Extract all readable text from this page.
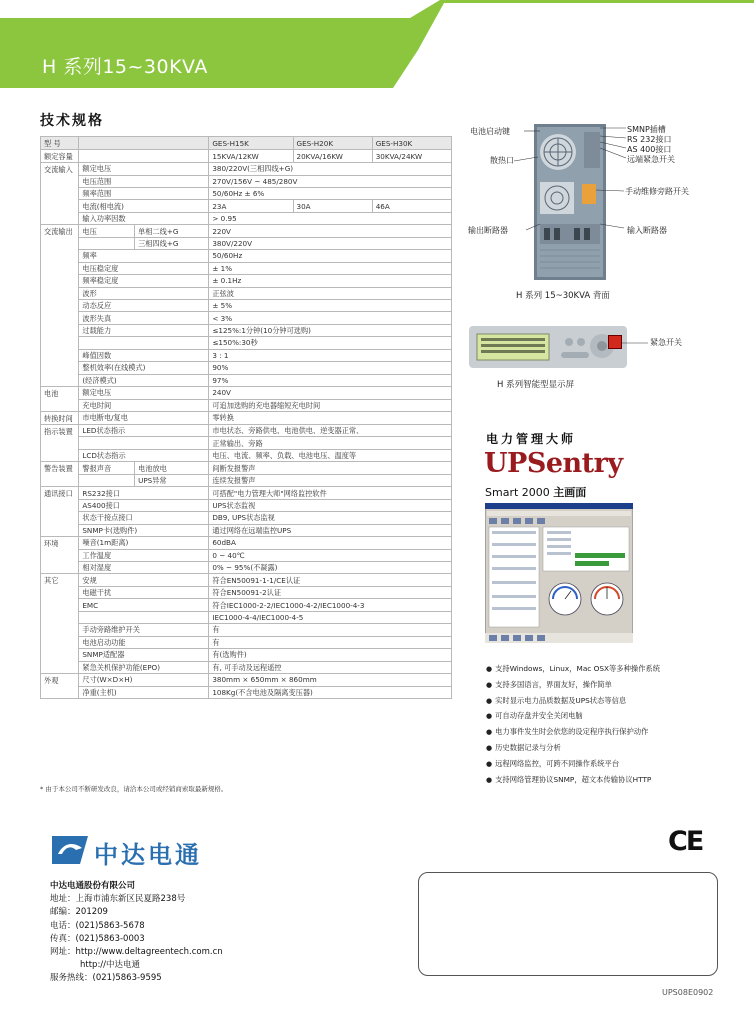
H 系列15~30KVA
技术规格
型 号			GES-H15K	GES-H20K	GES-H30K
额定容量			15KVA/12KW	20KVA/16KW	30KVA/24KW
交流输入	额定电压		380/220V(三相四线+G)		
	电压范围		270V/156V ~ 485/280V		
	频率范围		50/60Hz ± 6%		
	电流(相电流)		23A	30A	46A
	输入功率因数		> 0.95		
交流输出	电压	单相二线+G	220V		
		三相四线+G	380V/220V		
	频率		50/60Hz		
	电压稳定度		± 1%		
	频率稳定度		± 0.1Hz		
	波形		正弦波		
	动态反应		± 5%		
	波形失真		< 3%		
	过载能力		≤125%:1分钟(10分钟可选购)		
			≤150%:30秒		
	峰值因数		3 : 1		
	整机效率(在线模式)		90%		
	(经济模式)		97%		
电池	额定电压		240V		
	充电时间		可追加选购的充电器缩短充电时间		
转换时间	市电断电/复电		零转换		
指示装置	LED状态指示		市电状态、旁路供电、电池供电、逆变器正常、		
			正常输出、旁路		
	LCD状态指示		电压、电流、频率、负载、电池电压、温度等		
警告装置	警报声音	电池放电	间断发报警声		
		UPS异常	连续发报警声		
通讯接口	RS232接口		可搭配"电力管理大师"网络监控软件		
	AS400接口		UPS状态监视		
	状态干接点接口		DB9, UPS状态监视		
	SNMP卡(选购件)		通过网络在远端监控UPS		
环境	噪音(1m距离)		60dBA		
	工作温度		0 ~ 40℃		
	相对湿度		0% ~ 95%(不凝露)		
其它	安规		符合EN50091-1-1/CE认证		
	电磁干扰		符合EN50091-2认证		
	EMC		符合IEC1000-2-2/IEC1000-4-2/IEC1000-4-3		
			IEC1000-4-4/IEC1000-4-5		
	手动旁路维护开关		有		
	电池启动功能		有		
	SNMP适配器		有(选购件)		
	紧急关机保护功能(EPO)		有, 可手动及远程遥控		
外观	尺寸(W×D×H)		380mm × 650mm × 860mm		
	净重(主机)		108Kg(不含电池及隔离变压器)		
* 由于本公司不断研发改良，请洽本公司或经销商索取最新规格。
电池启动键	SMNP插槽
RS 232接口
AS 400接口
远端紧急开关
散热口
手动维修旁路开关
输出断路器	输入断路器
H 系列 15~30KVA 背面
紧急开关
H 系列智能型显示屏
电力管理大师
UPSentry
Smart 2000 主画面
● 支持Windows，Linux，Mac OSX等多种操作系统
● 支持多国语言，界面友好，操作简单
● 实时显示电力品质数据及UPS状态等信息
● 可自动存盘并安全关闭电脑
● 电力事件发生时会依您的设定程序执行保护动作
● 历史数据记录与分析
● 远程网络监控，可跨不同操作系统平台
● 支持网络管理协议SNMP，超文本传输协议HTTP
中达电通
中达电通股份有限公司
地址：上海市浦东新区民夏路238号
邮编：201209
电话：(021)5863-5678
传真：(021)5863-0003
网址：http://www.deltagreentech.com.cn
http://中达电通
服务热线：(021)5863-9595
CE
UPS08E0902
